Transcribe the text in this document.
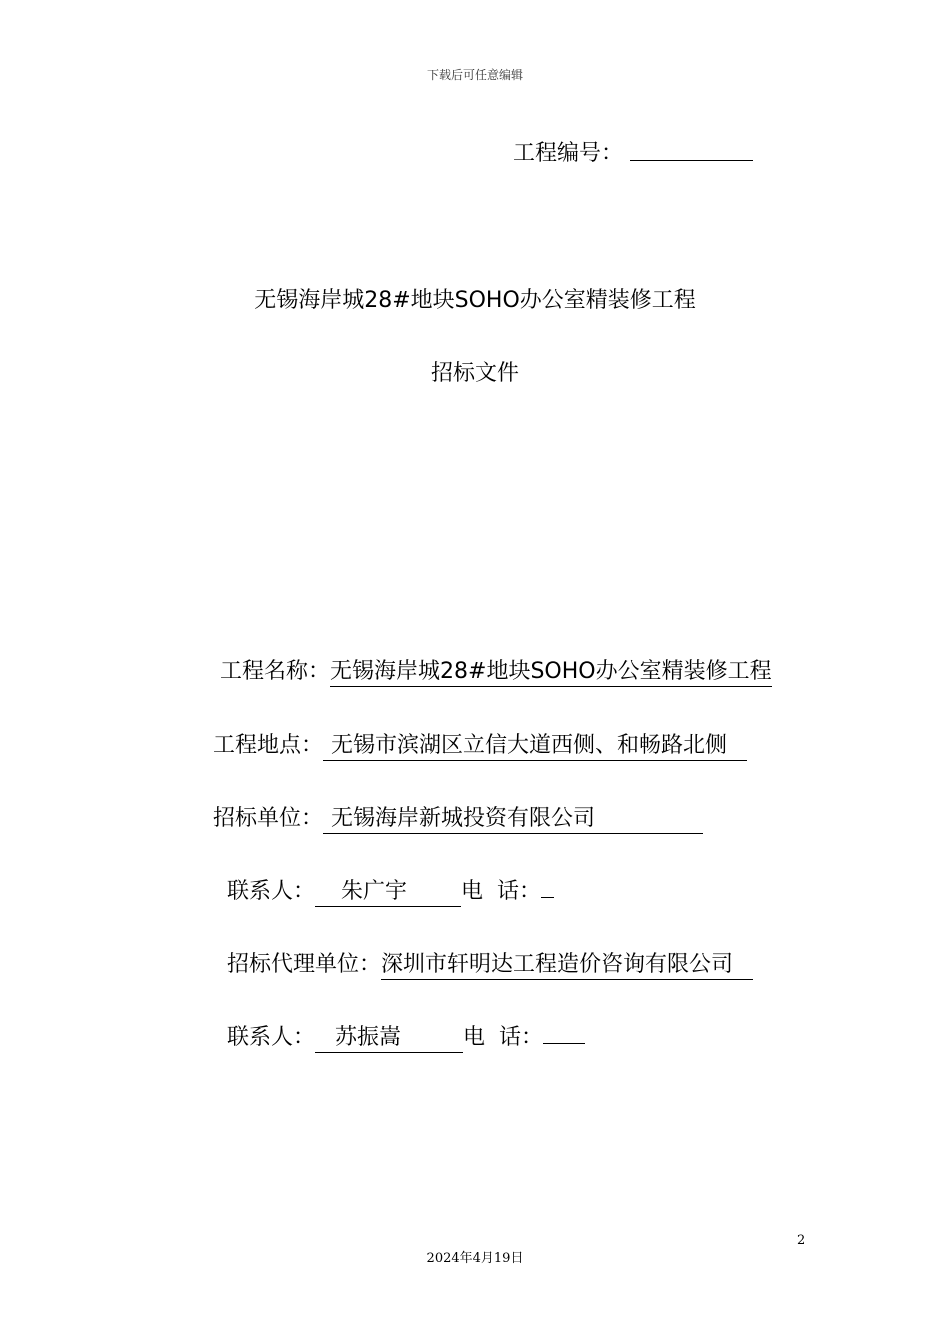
下载后可任意编辑
工程编号：
无锡海岸城28#地块SOHO办公室精装修工程
招标文件
工程名称： 无锡海岸城28#地块SOHO办公室精装修工程
工程地点： 无锡市滨湖区立信大道西侧、和畅路北侧
招标单位： 无锡海岸新城投资有限公司
联系人：	朱广宇	电  话：
招标代理单位： 深圳市轩明达工程造价咨询有限公司
联系人： 苏振嵩	电  话：
2
2024年4月19日
